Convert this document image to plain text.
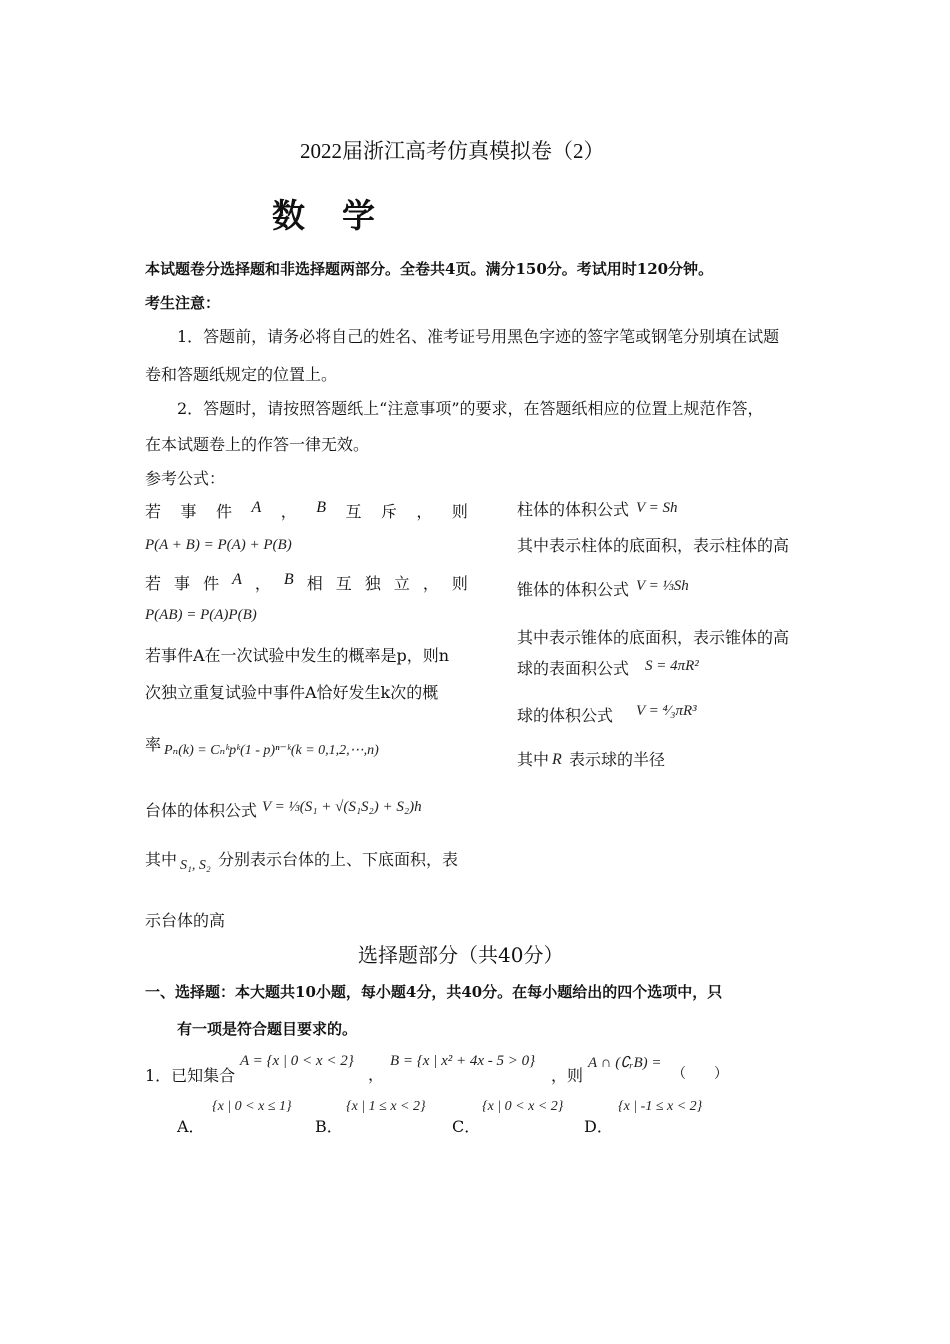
2022届浙江高考仿真模拟卷（2）
数　学
本试题卷分选择题和非选择题两部分。全卷共4页。满分150分。考试用时120分钟。
考生注意：
1．答题前，请务必将自己的姓名、准考证号用黑色字迹的签字笔或钢笔分别填在试题
卷和答题纸规定的位置上。
2．答题时，请按照答题纸上“注意事项”的要求，在答题纸相应的位置上规范作答，
在本试题卷上的作答一律无效。
参考公式：
若 事 件 A ， B 互 斥 ， 则
P(A + B) = P(A) + P(B)
若 事 件 A ， B 相 互 独 立 ， 则
P(AB) = P(A)P(B)
若事件A在一次试验中发生的概率是p，则n
次独立重复试验中事件A恰好发生k次的概
率 Pₙ(k) = Cₙᵏpᵏ(1 - p)ⁿ⁻ᵏ(k = 0,1,2,⋯,n)
台体的体积公式 V = ⅓(S₁ + √(S₁S₂) + S₂)h
其中 S₁, S₂ 分别表示台体的上、下底面积，表
示台体的高
柱体的体积公式 V = Sh
其中表示柱体的底面积，表示柱体的高
锥体的体积公式 V = ⅓Sh
其中表示锥体的底面积，表示锥体的高
球的表面积公式 S = 4πR²
球的体积公式 V = ⁴⁄₃πR³
其中 R 表示球的半径
选择题部分（共40分）
一、选择题：本大题共10小题，每小题4分，共40分。在每小题给出的四个选项中，只
有一项是符合题目要求的。
1．已知集合
A = {x | 0 < x < 2}
，
B = {x | x² + 4x - 5 > 0}
，则
A ∩ (∁ᵣB) =
（　　）
A．
{x | 0 < x ≤ 1}
B．
{x | 1 ≤ x < 2}
C．
{x | 0 < x < 2}
D．
{x | -1 ≤ x < 2}
